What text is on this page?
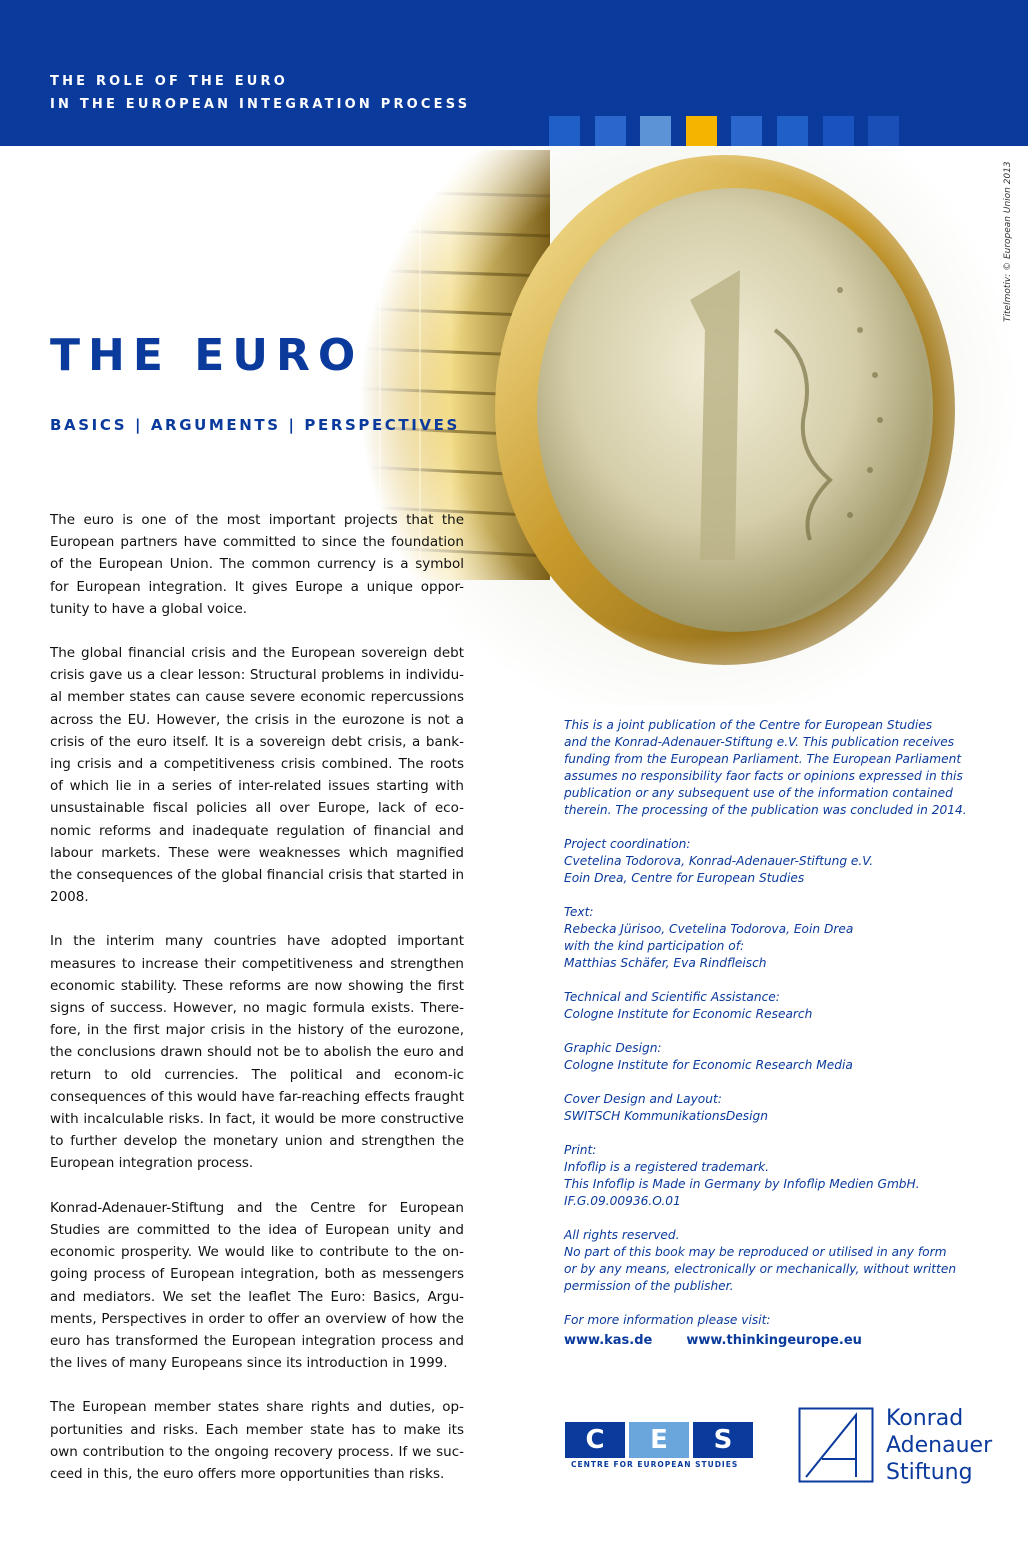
THE ROLE OF THE EURO
IN THE EUROPEAN INTEGRATION PROCESS
Titelmotiv: © European Union 2013
THE EURO
BASICS | ARGUMENTS | PERSPECTIVES

The euro is one of the most important projects that the European partners have committed to since the foundation of the European Union. The common currency is a symbol for European integration. It gives Europe a unique oppor-tunity to have a global voice.

The global financial crisis and the European sovereign debt crisis gave us a clear lesson: Structural problems in individu-al member states can cause severe economic repercussions across the EU. However, the crisis in the eurozone is not a crisis of the euro itself. It is a sovereign debt crisis, a bank-ing crisis and a competitiveness crisis combined. The roots of which lie in a series of inter-related issues starting with unsustainable fiscal policies all over Europe, lack of eco-nomic reforms and inadequate regulation of financial and labour markets. These were weaknesses which magnified the consequences of the global financial crisis that started in 2008.

In the interim many countries have adopted important measures to increase their competitiveness and strengthen economic stability. These reforms are now showing the first signs of success. However, no magic formula exists. There-fore, in the first major crisis in the history of the eurozone, the conclusions drawn should not be to abolish the euro and return to old currencies. The political and econom-ic consequences of this would have far-reaching effects fraught with incalculable risks. In fact, it would be more constructive to further develop the monetary union and strengthen the European integration process.

Konrad-Adenauer-Stiftung and the Centre for European Studies are committed to the idea of European unity and economic prosperity. We would like to contribute to the on-going process of European integration, both as messengers and mediators. We set the leaflet The Euro: Basics, Argu-ments, Perspectives in order to offer an overview of how the euro has transformed the European integration process and the lives of many Europeans since its introduction in 1999.

The European member states share rights and duties, op-portunities and risks. Each member state has to make its own contribution to the ongoing recovery process. If we suc-ceed in this, the euro offers more opportunities than risks.

This is a joint publication of the Centre for European Studies
and the Konrad-Adenauer-Stiftung e.V. This publication receives
funding from the European Parliament. The European Parliament
assumes no responsibility faor facts or opinions expressed in this
publication or any subsequent use of the information contained
therein. The processing of the publication was concluded in 2014.
Project coordination:
Cvetelina Todorova, Konrad-Adenauer-Stiftung e.V.
Eoin Drea, Centre for European Studies
Text:
Rebecka Jürisoo, Cvetelina Todorova, Eoin Drea
with the kind participation of:
Matthias Schäfer, Eva Rindfleisch
Technical and Scientific Assistance:
Cologne Institute for Economic Research
Graphic Design:
Cologne Institute for Economic Research Media
Cover Design and Layout:
SWITSCH KommunikationsDesign
Print:
Infoflip is a registered trademark.
This Infoflip is Made in Germany by Infoflip Medien GmbH.
IF.G.09.00936.O.01
All rights reserved.
No part of this book may be reproduced or utilised in any form
or by any means, electronically or mechanically, without written
permission of the publisher.
For more information please visit:
www.kas.de	www.thinkingeurope.eu
C	E	S
CENTRE FOR EUROPEAN STUDIES
Konrad
Adenauer
Stiftung
